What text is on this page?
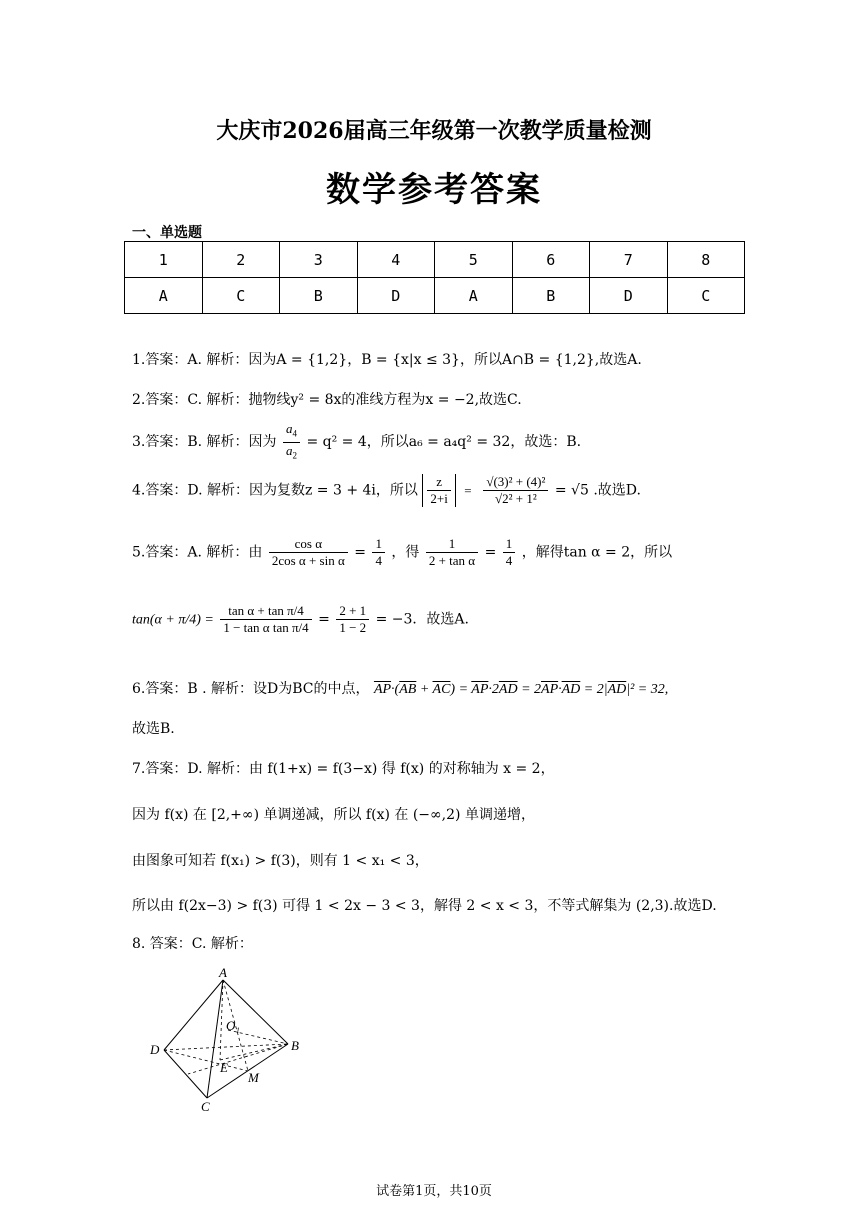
大庆市2026届高三年级第一次教学质量检测
数学参考答案
一、单选题
1	2	3	4	5	6	7	8
A	C	B	D	A	B	D	C
1.答案：A. 解析：因为A = {1,2}，B = {x|x ≤ 3}，所以A∩B = {1,2},故选A.
2.答案：C. 解析：抛物线y² = 8x的准线方程为x = −2,故选C.
3.答案：B. 解析：因为 $\frac{a_4}{a_2} = q^2 = 4$，所以a₆ = a₄q² = 32，故选：B.
4.答案：D. 解析：因为复数z = 3 + 4i，所以 $\frac{z}{2+i} = \frac{\text{√(3)² + (4)²}}{\text{√2² + 1²}} = √5$ .故选D.
5.答案：A. 解析：由 $\frac{\text{cos α}}{\text{2cos α + sin α}} = \frac{1}{4}$ ，得 $\frac{1}{\text{2 + tan α}} = \frac{1}{4}$ ，解得tan α = 2，所以
$\tan(\alpha + \pi/4) = \frac{\text{tan α + tan π/4}}{\text{1 − tan α tan π/4}} = \frac{2 + 1}{1 - 2} = -3$．故选A.
6.答案：B . 解析：设D为BC的中点， $\overline{AP}\cdot(\overline{AB} + \overline{AC}) = \overline{AP}\cdot 2\overline{AD} = 2\overline{AP}\cdot\overline{AD} = 2|\overline{AD}|^2 = 32$,
故选B.
7.答案：D. 解析：由 f(1+x) = f(3−x) 得 f(x) 的对称轴为 x = 2，
因为 f(x) 在 [2,+∞) 单调递减，所以 f(x) 在 (−∞,2) 单调递增，
由图象可知若 f(x₁) > f(3)，则有 1 < x₁ < 3，
所以由 f(2x−3) > f(3) 可得 1 < 2x − 3 < 3，解得 2 < x < 3，不等式解集为 (2,3).故选D.
8. 答案：C. 解析：
A
B
C
D
O₁
E
M
试卷第1页，共10页
